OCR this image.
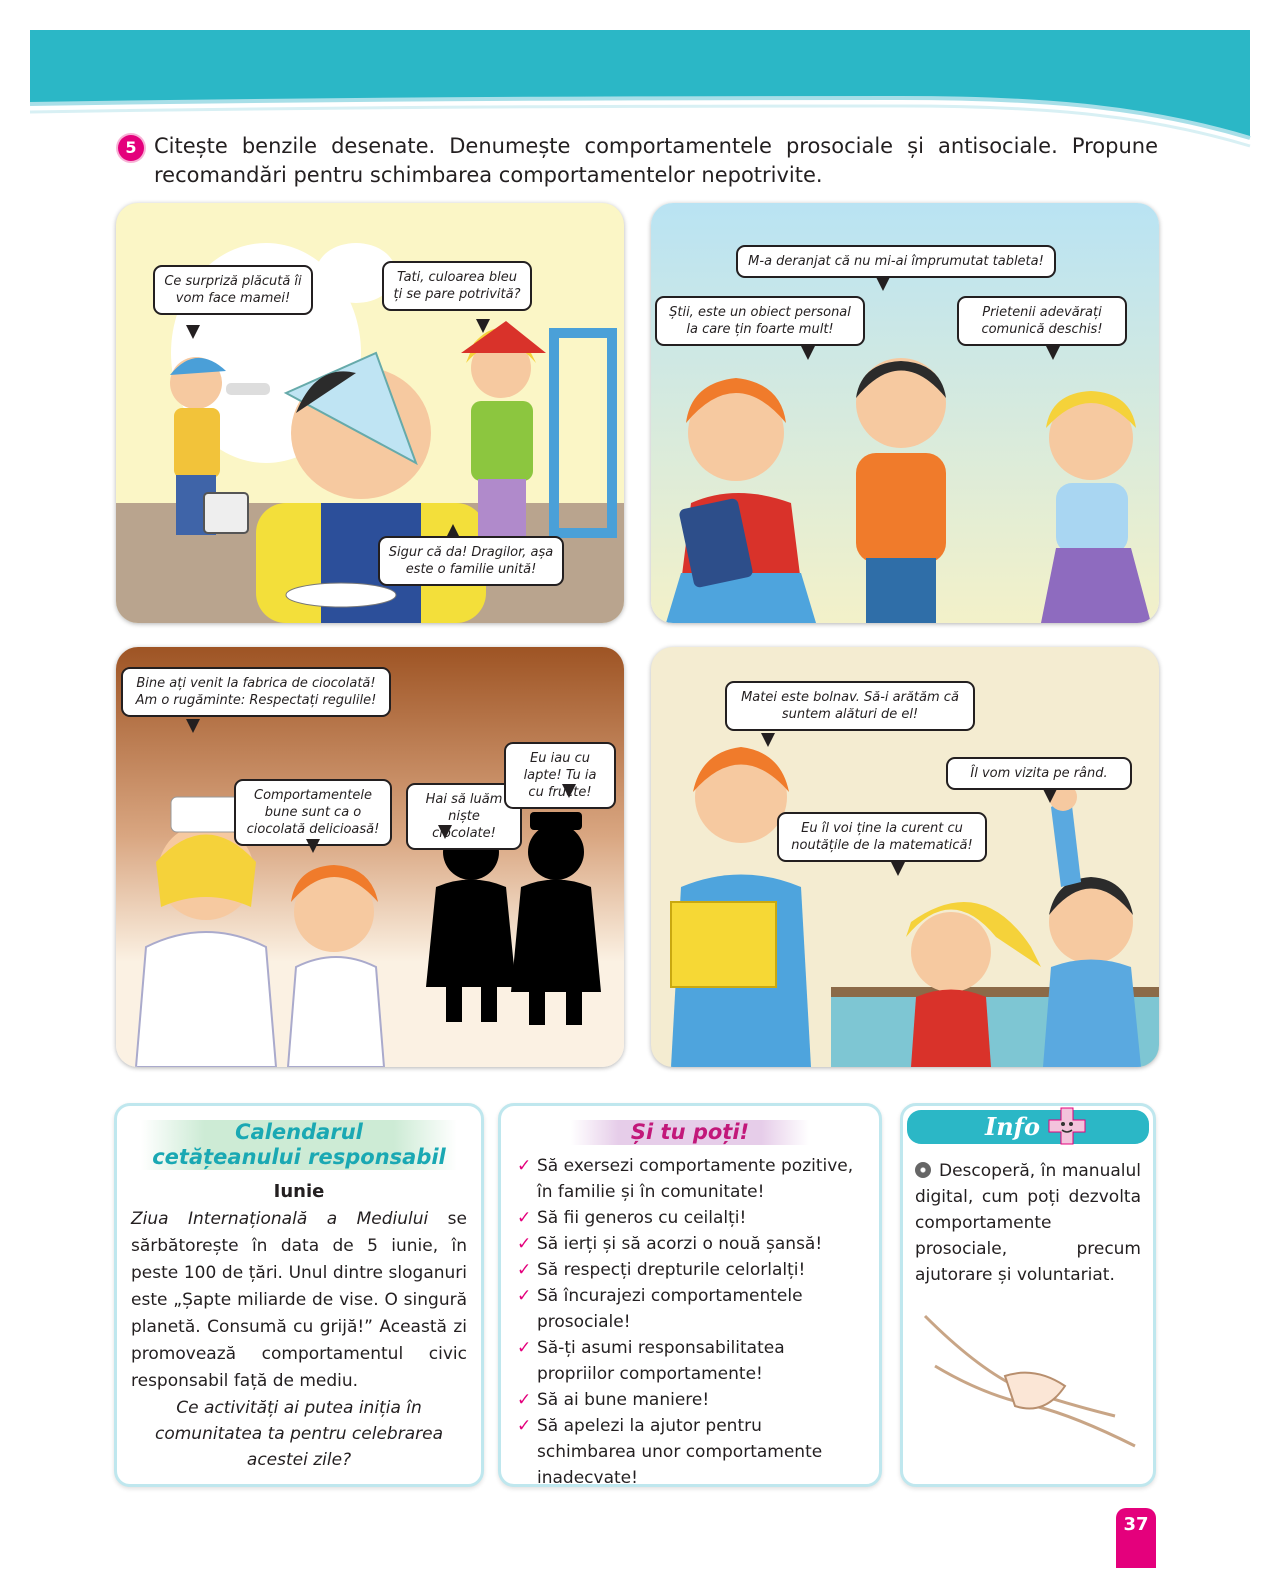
5 Citește benzile desenate. Denumește comportamentele prosociale și antisociale. Propune recomandări pentru schimbarea comportamentelor nepotrivite.
Ce surpriză plăcută îi vom face mamei!
Tati, culoarea bleu ți se pare potrivită?
Sigur că da! Dragilor, așa este o familie unită!
M-a deranjat că nu mi-ai împrumutat tableta!
Știi, este un obiect personal la care țin foarte mult!
Prietenii adevărați comunică deschis!
Bine ați venit la fabrica de ciocolată! Am o rugăminte: Respectați regulile!
Comportamentele bune sunt ca o ciocolată delicioasă!
Hai să luăm niște ciocolate!
Eu iau cu lapte! Tu ia cu fructe!
Matei este bolnav. Să-i arătăm că suntem alături de el!
Îl vom vizita pe rând.
Eu îl voi ține la curent cu noutățile de la matematică!
Calendarul
cetățeanului responsabil
Iunie
Ziua Internațională a Mediului se sărbătorește în data de 5 iunie, în peste 100 de țări. Unul dintre sloganuri este „Șapte miliarde de vise. O singură planetă. Consumă cu grijă!” Această zi promovează comportamentul civic responsabil față de mediu.
Ce activități ai putea iniția în comunitatea ta pentru celebrarea acestei zile?
Și tu poți!
✓ Să exersezi comportamente pozitive, în familie și în comunitate!
✓ Să fii generos cu ceilalți!
✓ Să ierți și să acorzi o nouă șansă!
✓ Să respecți drepturile celorlalți!
✓ Să încurajezi comportamentele prosociale!
✓ Să-ți asumi responsabilitatea propriilor comportamente!
✓ Să ai bune maniere!
✓ Să apelezi la ajutor pentru schimbarea unor comportamente inadecvate!
Info
Descoperă, în manualul digital, cum poți dezvolta comportamente prosociale, precum ajutorare și voluntariat.
37
